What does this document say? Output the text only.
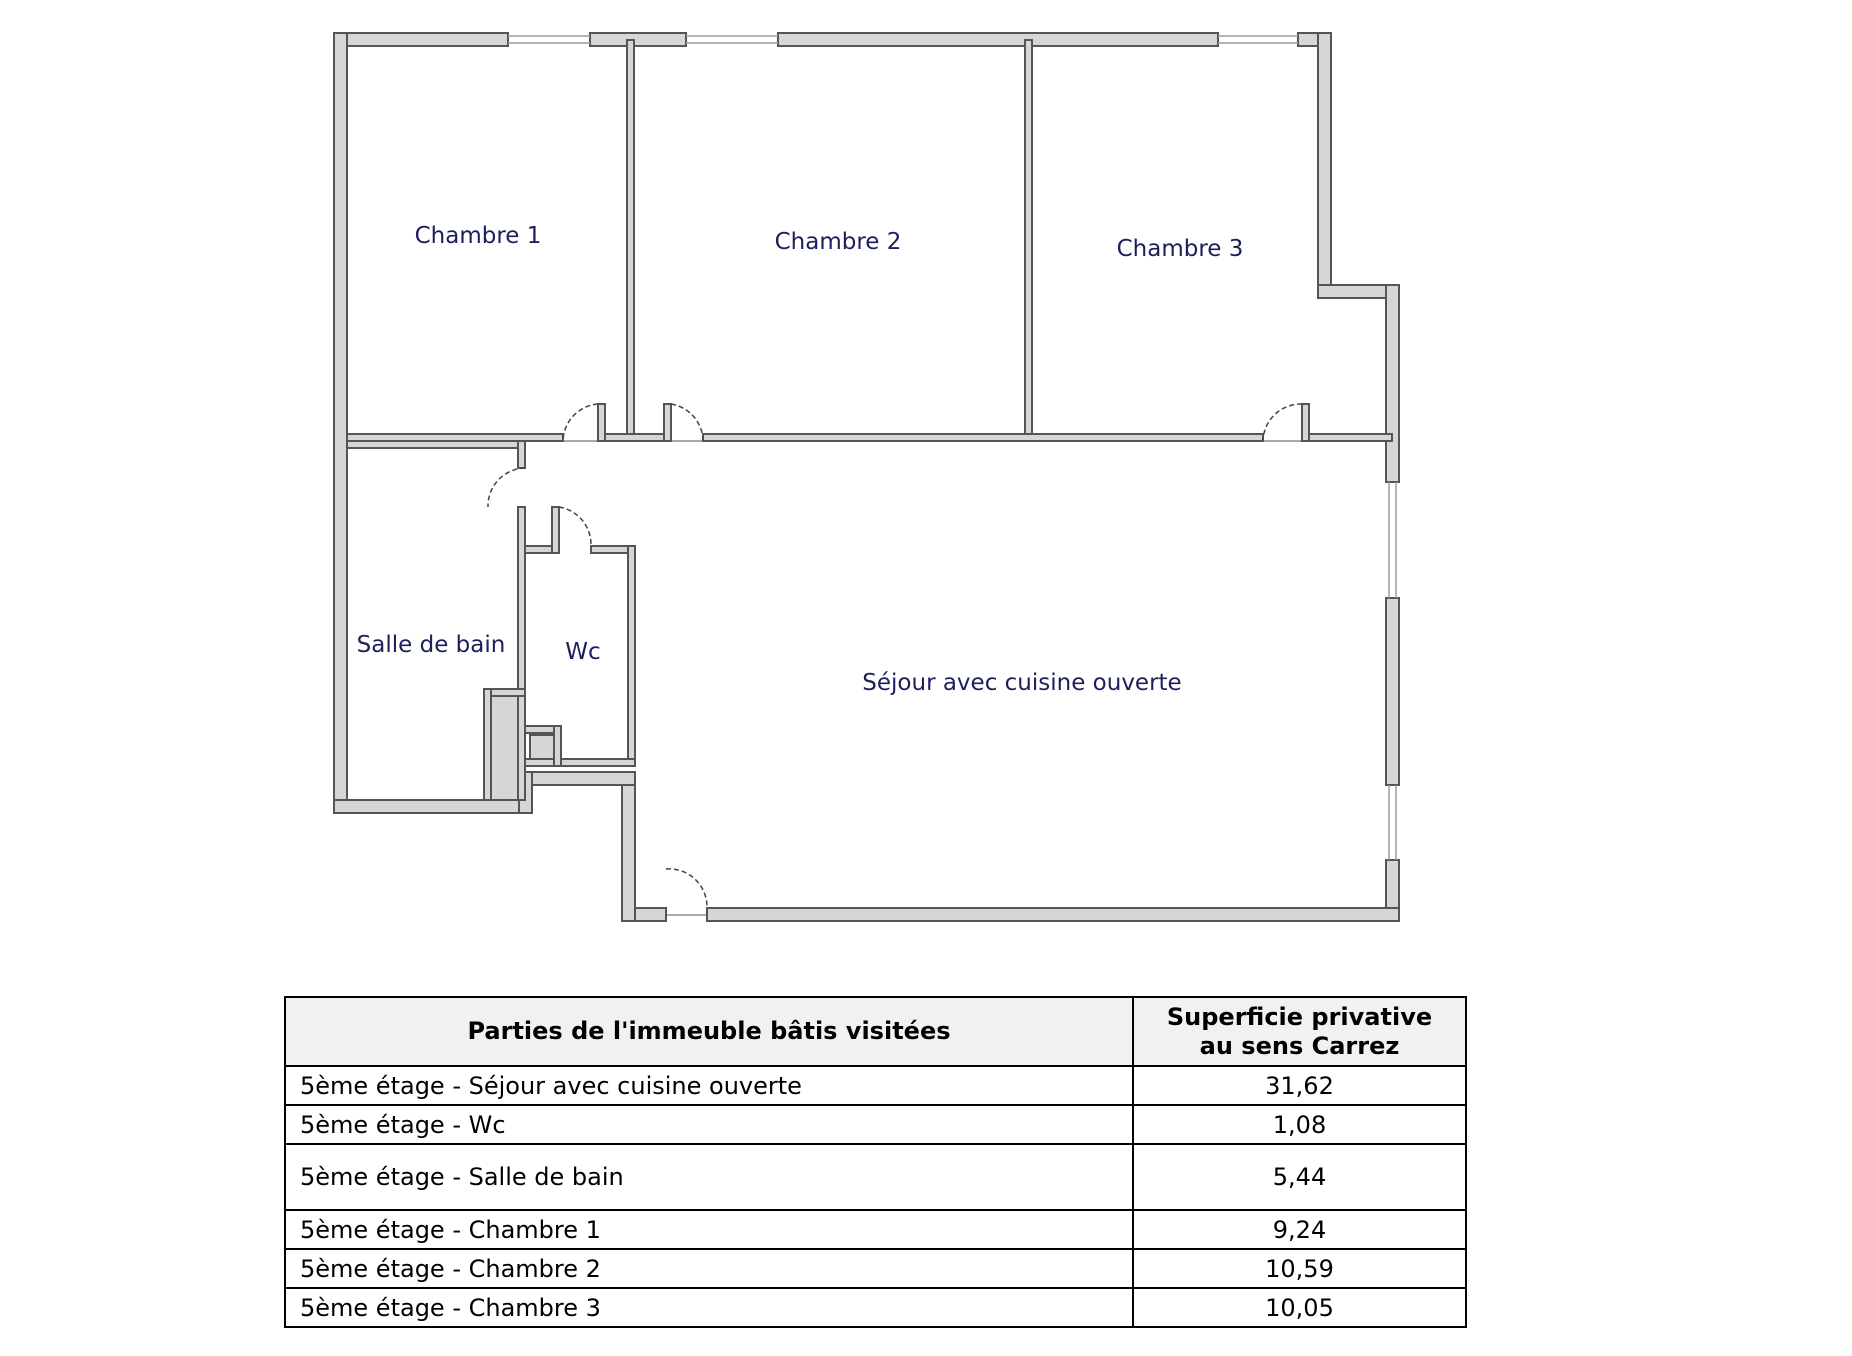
Chambre 1	Chambre 2	Chambre 3
Salle de bain	Wc
Séjour avec cuisine ouverte
Parties de l'immeuble bâtis visitées	Superficie privative au sens Carrez
5ème étage - Séjour avec cuisine ouverte	31,62
5ème étage - Wc	1,08
5ème étage - Salle de bain	5,44
5ème étage - Chambre 1	9,24
5ème étage - Chambre 2	10,59
5ème étage - Chambre 3	10,05
